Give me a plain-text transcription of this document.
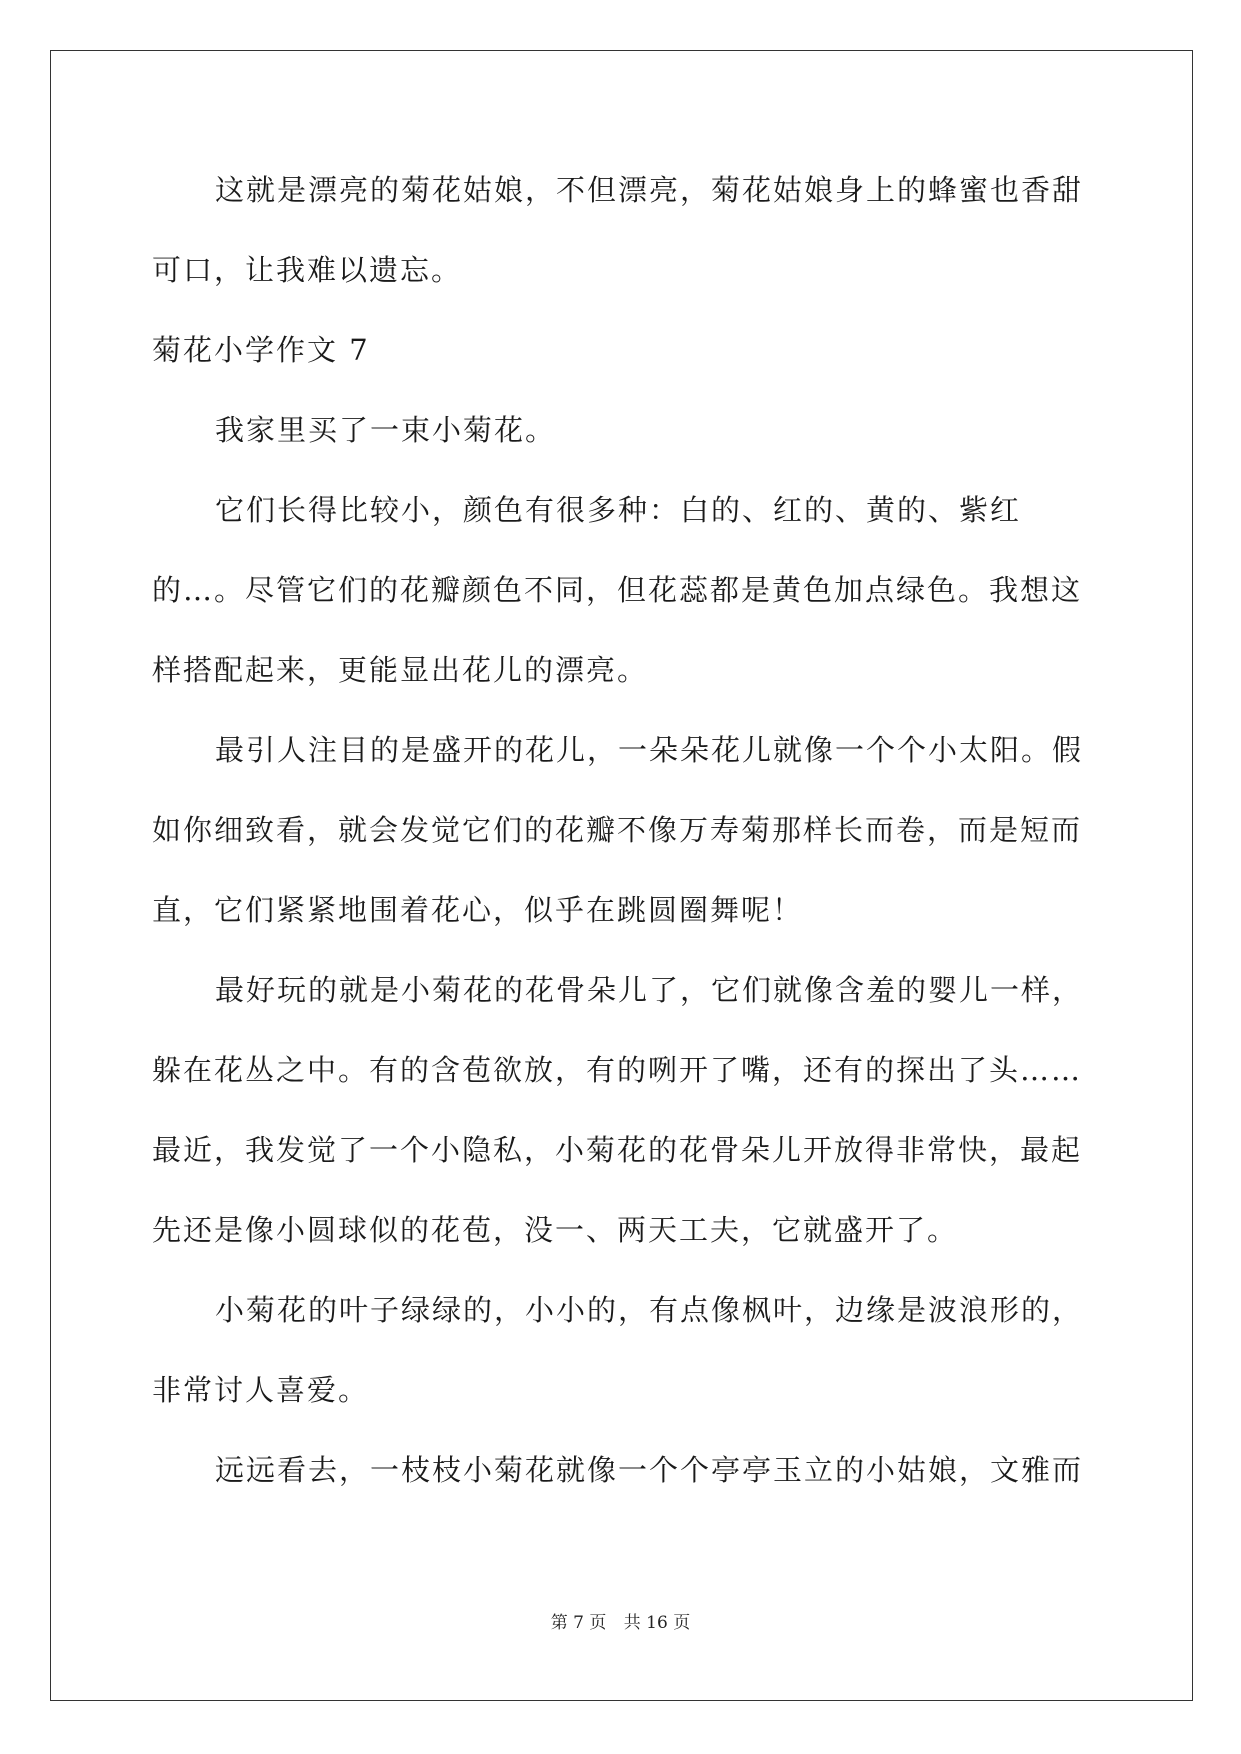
这就是漂亮的菊花姑娘，不但漂亮，菊花姑娘身上的蜂蜜也香甜
可口，让我难以遗忘。
菊花小学作文 7
我家里买了一束小菊花。
它们长得比较小，颜色有很多种：白的、红的、黄的、紫红
的…。尽管它们的花瓣颜色不同，但花蕊都是黄色加点绿色。我想这
样搭配起来，更能显出花儿的漂亮。
最引人注目的是盛开的花儿，一朵朵花儿就像一个个小太阳。假
如你细致看，就会发觉它们的花瓣不像万寿菊那样长而卷，而是短而
直，它们紧紧地围着花心，似乎在跳圆圈舞呢！
最好玩的就是小菊花的花骨朵儿了，它们就像含羞的婴儿一样，
躲在花丛之中。有的含苞欲放，有的咧开了嘴，还有的探出了头……
最近，我发觉了一个小隐私，小菊花的花骨朵儿开放得非常快，最起
先还是像小圆球似的花苞，没一、两天工夫，它就盛开了。
小菊花的叶子绿绿的，小小的，有点像枫叶，边缘是波浪形的，
非常讨人喜爱。
远远看去，一枝枝小菊花就像一个个亭亭玉立的小姑娘，文雅而
第 7 页 共 16 页
